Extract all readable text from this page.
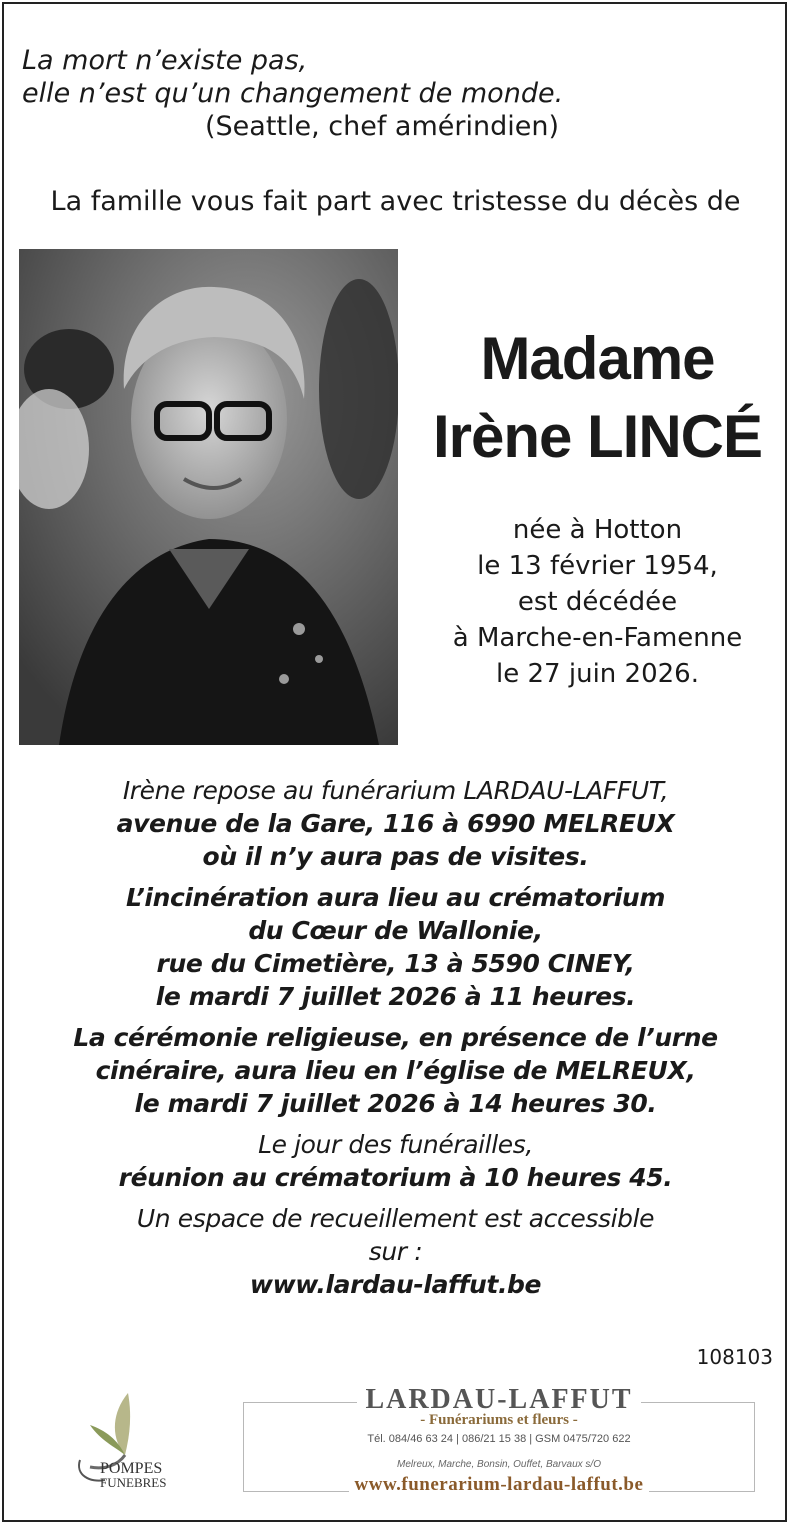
La mort n’existe pas,
elle n’est qu’un changement de monde.
(Seattle, chef amérindien)
La famille vous fait part avec tristesse du décès de
Madame
Irène LINCÉ
née à Hotton
le 13 février 1954,
est décédée
à Marche-en-Famenne
le 27 juin 2026.
Irène repose au funérarium LARDAU-LAFFUT,
avenue de la Gare, 116 à 6990 MELREUX
où il n’y aura pas de visites.
L’incinération aura lieu au crématorium
du Cœur de Wallonie,
rue du Cimetière, 13 à 5590 CINEY,
le mardi 7 juillet 2026 à 11 heures.
La cérémonie religieuse, en présence de l’urne
cinéraire, aura lieu en l’église de MELREUX,
le mardi 7 juillet 2026 à 14 heures 30.
Le jour des funérailles,
réunion au crématorium à 10 heures 45.
Un espace de recueillement est accessible
sur :
www.lardau-laffut.be
108103
POMPES
FUNEBRES
LARDAU-LAFFUT
- Funérariums et fleurs -
Tél. 084/46 63 24 | 086/21 15 38 | GSM 0475/720 622
Melreux, Marche, Bonsin, Ouffet, Barvaux s/O
www.funerarium-lardau-laffut.be
